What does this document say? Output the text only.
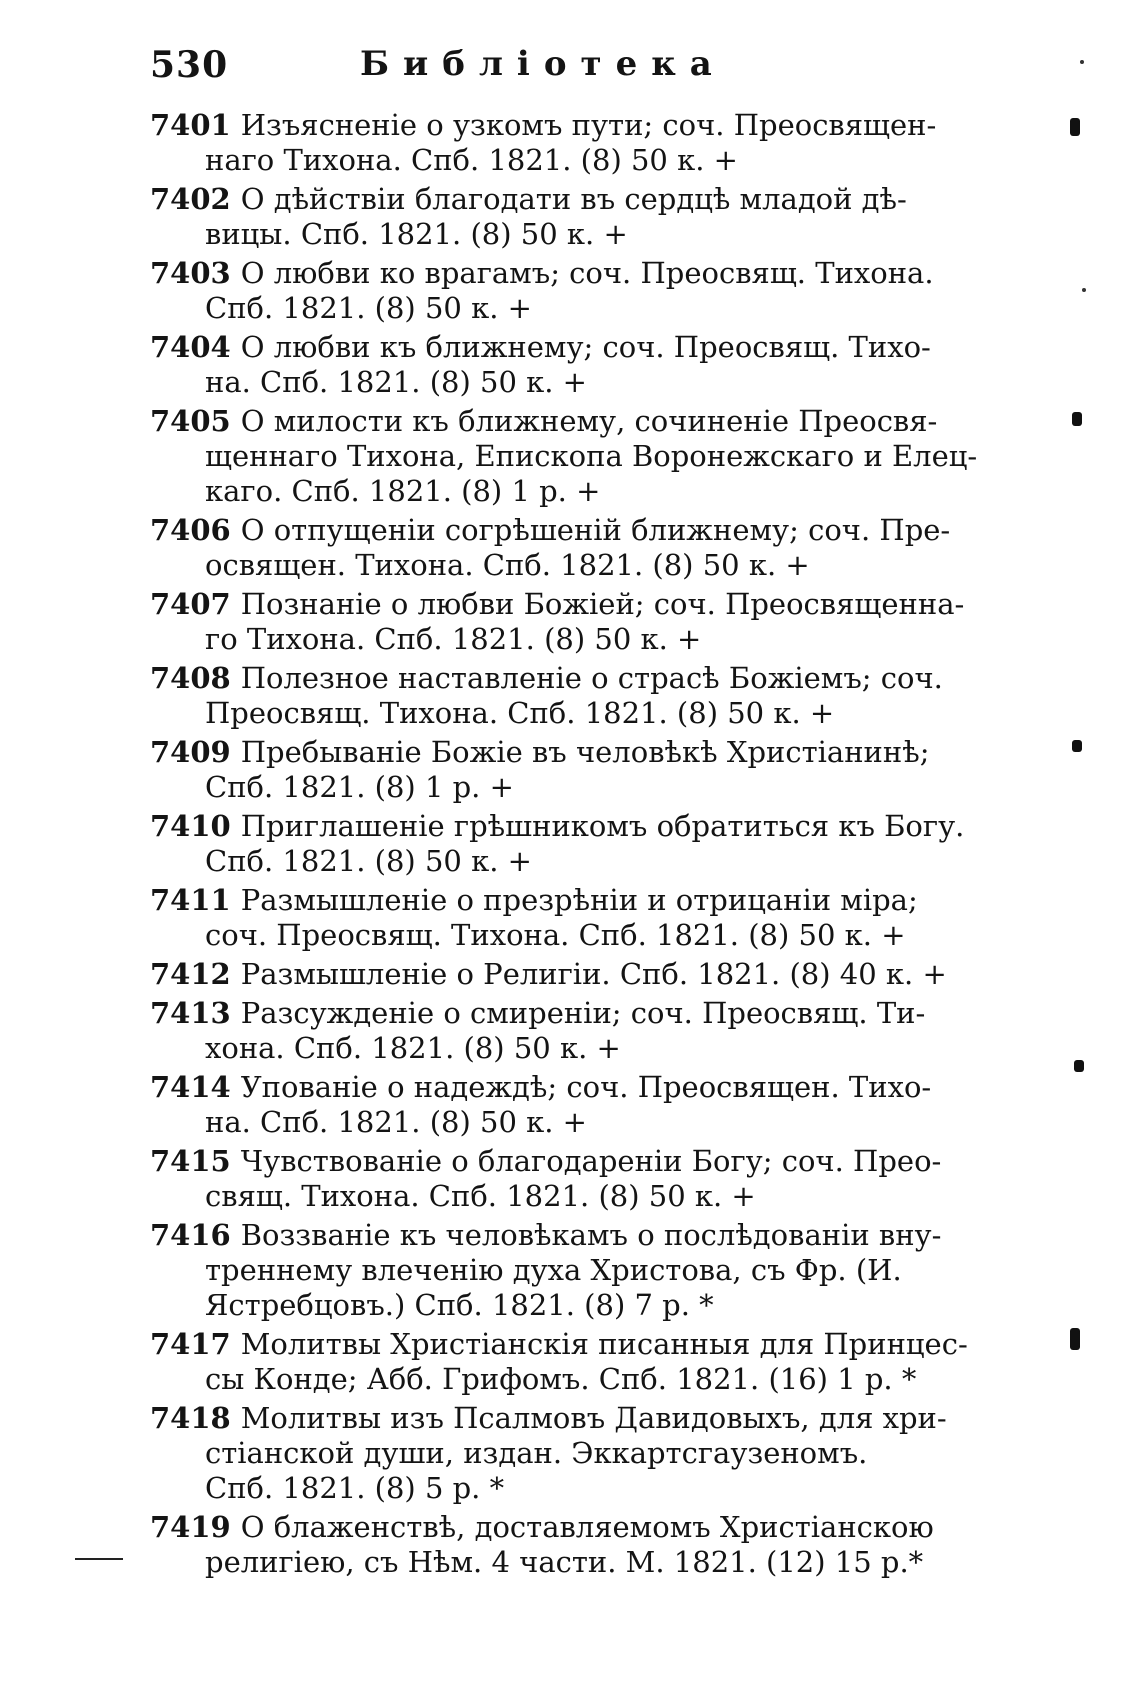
530	Библіотека
7401 Изъясненіе о узкомъ пути; соч. Преосвящен-
наго Тихона. Спб. 1821. (8) 50 к. +
7402 О дѣйствіи благодати въ сердцѣ младой дѣ-
вицы. Спб. 1821. (8) 50 к. +
7403 О любви ко врагамъ; соч. Преосвящ. Тихона.
Спб. 1821. (8) 50 к. +
7404 О любви къ ближнему; соч. Преосвящ. Тихо-
на. Спб. 1821. (8) 50 к. +
7405 О милости къ ближнему, сочиненіе Преосвя-
щеннаго Тихона, Епископа Воронежскаго и Елец-
каго. Спб. 1821. (8) 1 р. +
7406 О отпущеніи согрѣшеній ближнему; соч. Пре-
освящен. Тихона. Спб. 1821. (8) 50 к. +
7407 Познаніе о любви Божіей; соч. Преосвященна-
го Тихона. Спб. 1821. (8) 50 к. +
7408 Полезное наставленіе о страсѣ Божіемъ; соч.
Преосвящ. Тихона. Спб. 1821. (8) 50 к. +
7409 Пребываніе Божіе въ человѣкѣ Христіанинѣ;
Спб. 1821. (8) 1 р. +
7410 Приглашеніе грѣшникомъ обратиться къ Богу.
Спб. 1821. (8) 50 к. +
7411 Размышленіе о презрѣніи и отрицаніи міра;
соч. Преосвящ. Тихона. Спб. 1821. (8) 50 к. +
7412 Размышленіе о Религіи. Спб. 1821. (8) 40 к. +
7413 Разсужденіе о смиреніи; соч. Преосвящ. Ти-
хона. Спб. 1821. (8) 50 к. +
7414 Упованіе о надеждѣ; соч. Преосвящен. Тихо-
на. Спб. 1821. (8) 50 к. +
7415 Чувствованіе о благодареніи Богу; соч. Прео-
свящ. Тихона. Спб. 1821. (8) 50 к. +
7416 Воззваніе къ человѣкамъ о послѣдованіи вну-
треннему влеченію духа Христова, съ Фр. (И.
Ястребцовъ.) Спб. 1821. (8) 7 р. *
7417 Молитвы Христіанскія писанныя для Принцес-
сы Конде; Абб. Грифомъ. Спб. 1821. (16) 1 р. *
7418 Молитвы изъ Псалмовъ Давидовыхъ, для хри-
стіанской души, издан. Эккартсгаузеномъ.
Спб. 1821. (8) 5 р. *
7419 О блаженствѣ, доставляемомъ Христіанскою
религіею, съ Нѣм. 4 части. М. 1821. (12) 15 р.*
